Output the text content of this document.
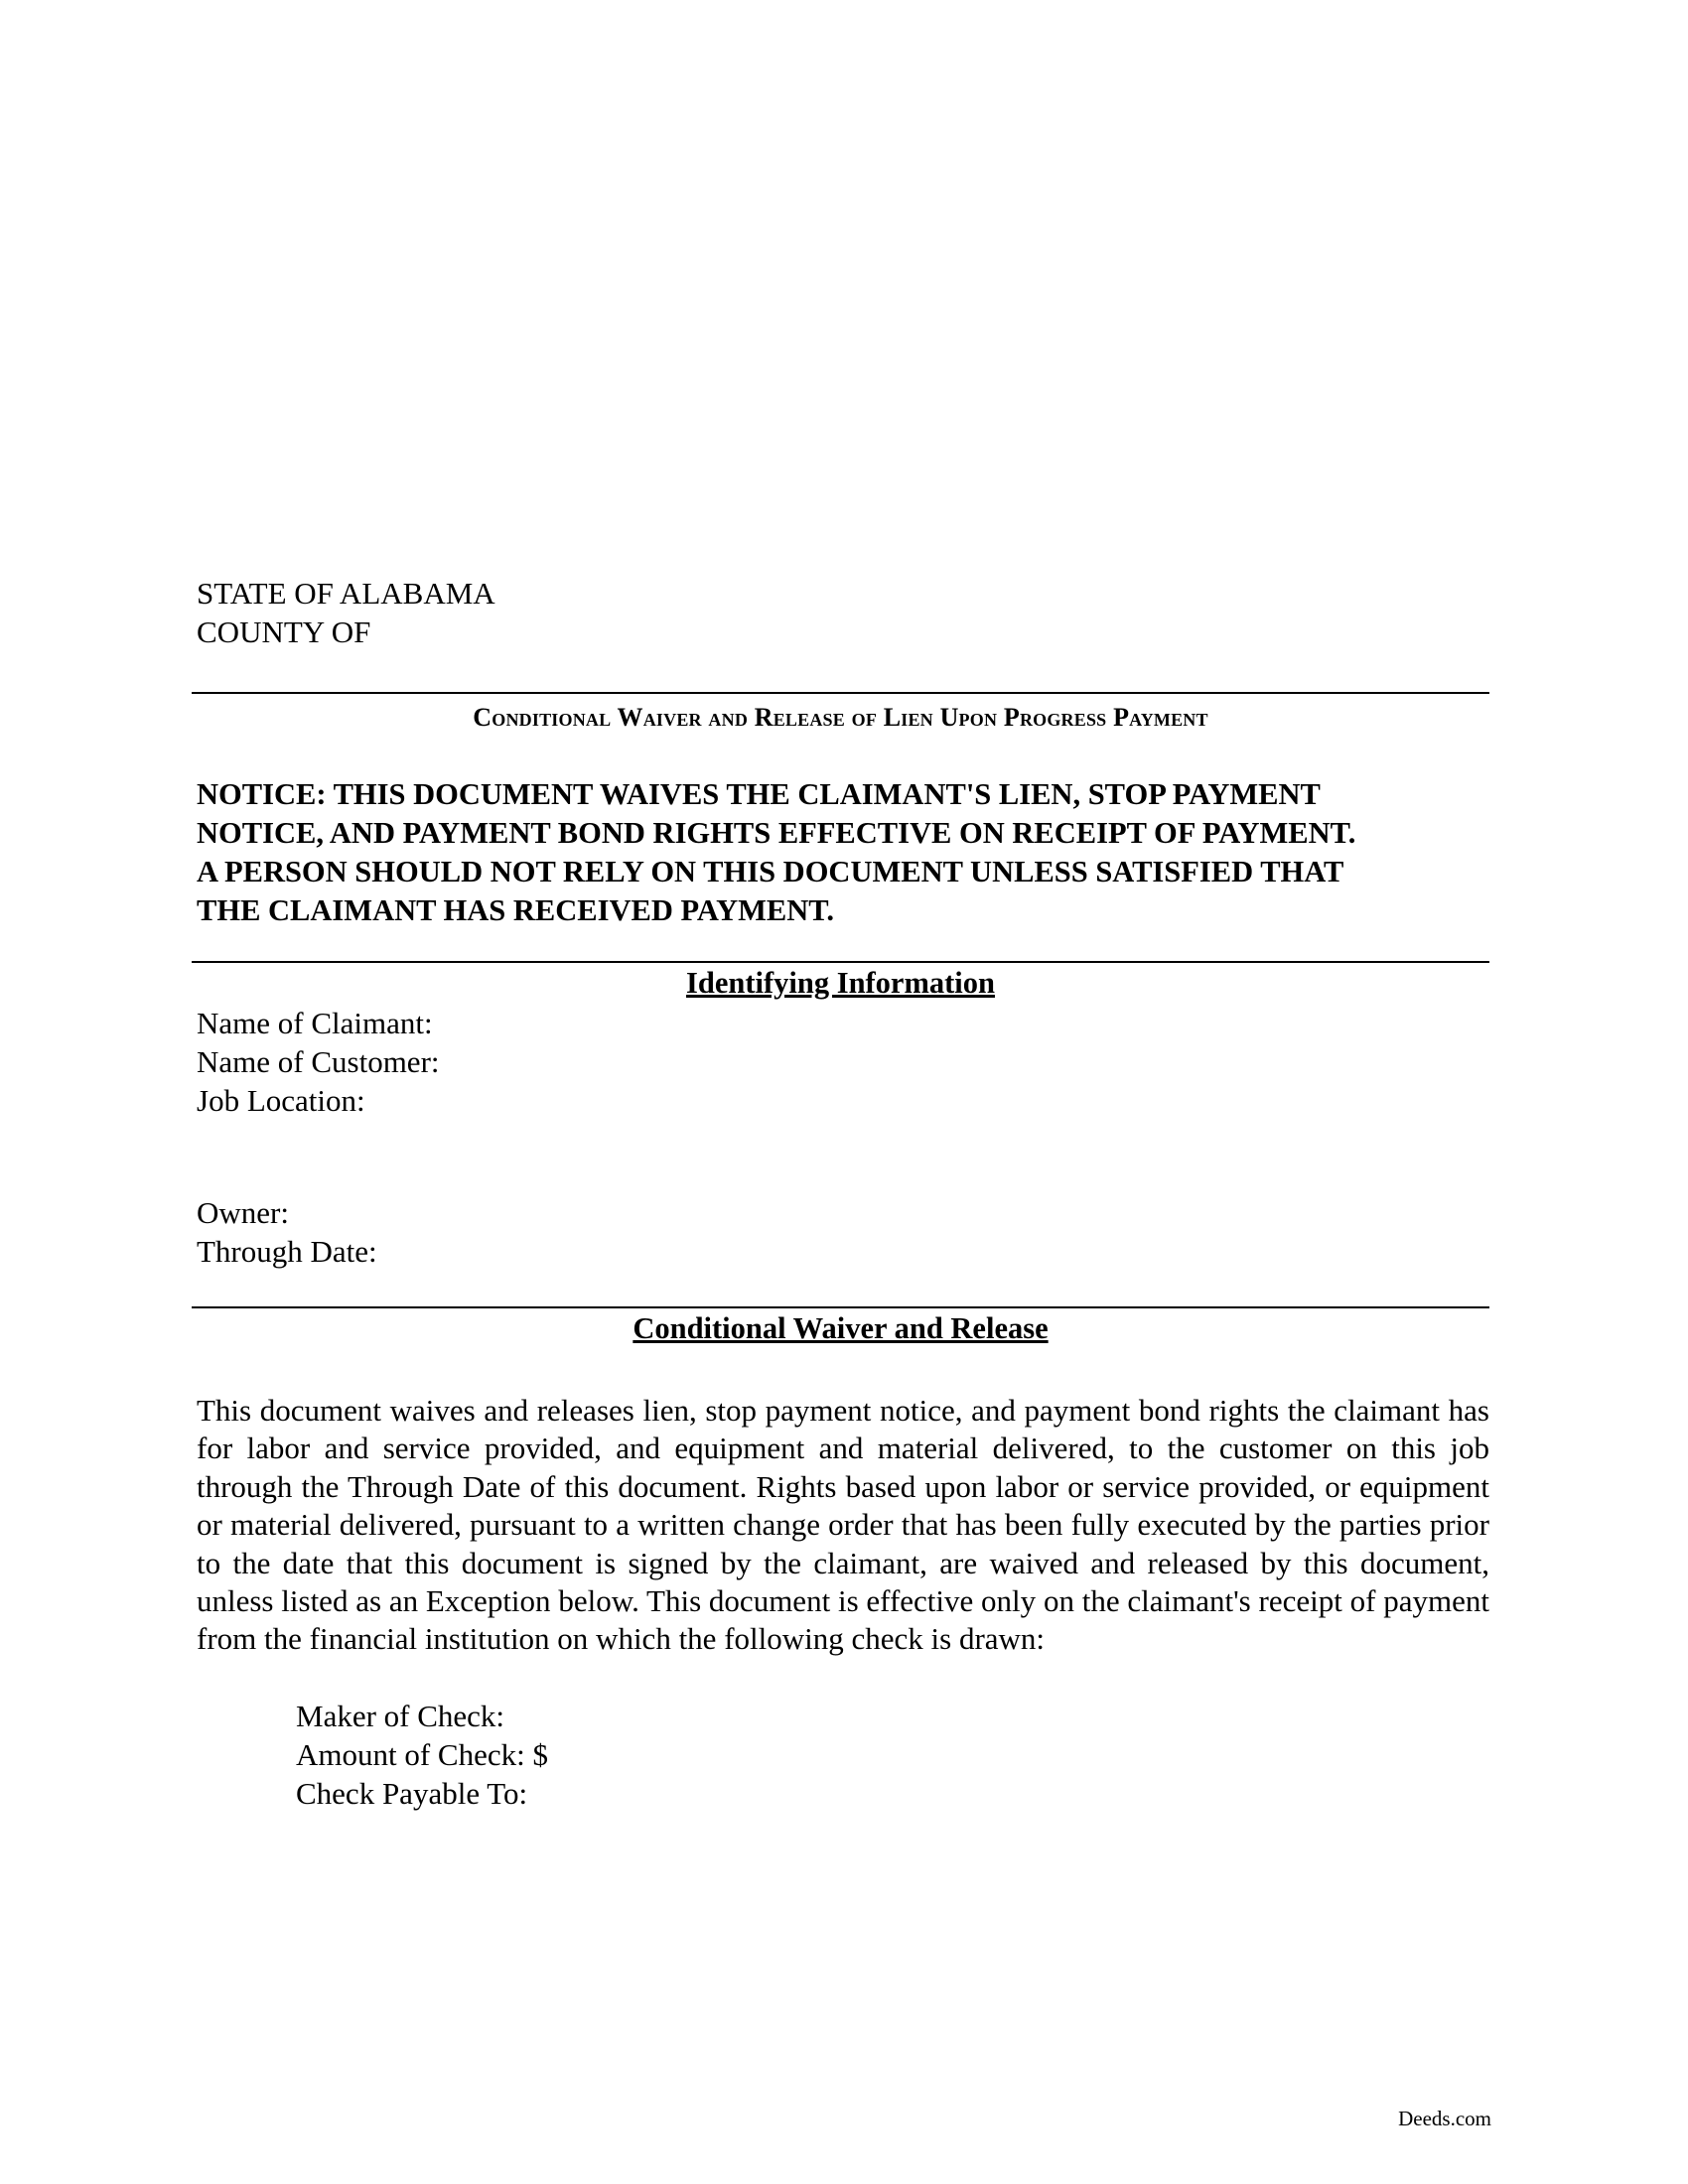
STATE OF ALABAMA
COUNTY OF
Conditional Waiver and Release of Lien Upon Progress Payment
NOTICE: THIS DOCUMENT WAIVES THE CLAIMANT'S LIEN, STOP PAYMENT
NOTICE, AND PAYMENT BOND RIGHTS EFFECTIVE ON RECEIPT OF PAYMENT.
A PERSON SHOULD NOT RELY ON THIS DOCUMENT UNLESS SATISFIED THAT
THE CLAIMANT HAS RECEIVED PAYMENT.
Identifying Information
Name of Claimant:
Name of Customer:
Job Location:
Owner:
Through Date:
Conditional Waiver and Release
This document waives and releases lien, stop payment notice, and payment bond rights the claimant has for labor and service provided, and equipment and material delivered, to the customer on this job through the Through Date of this document. Rights based upon labor or service provided, or equipment or material delivered, pursuant to a written change order that has been fully executed by the parties prior to the date that this document is signed by the claimant, are waived and released by this document, unless listed as an Exception below. This document is effective only on the claimant's receipt of payment from the financial institution on which the following check is drawn:
Maker of Check:
Amount of Check: $
Check Payable To:
Deeds.com
